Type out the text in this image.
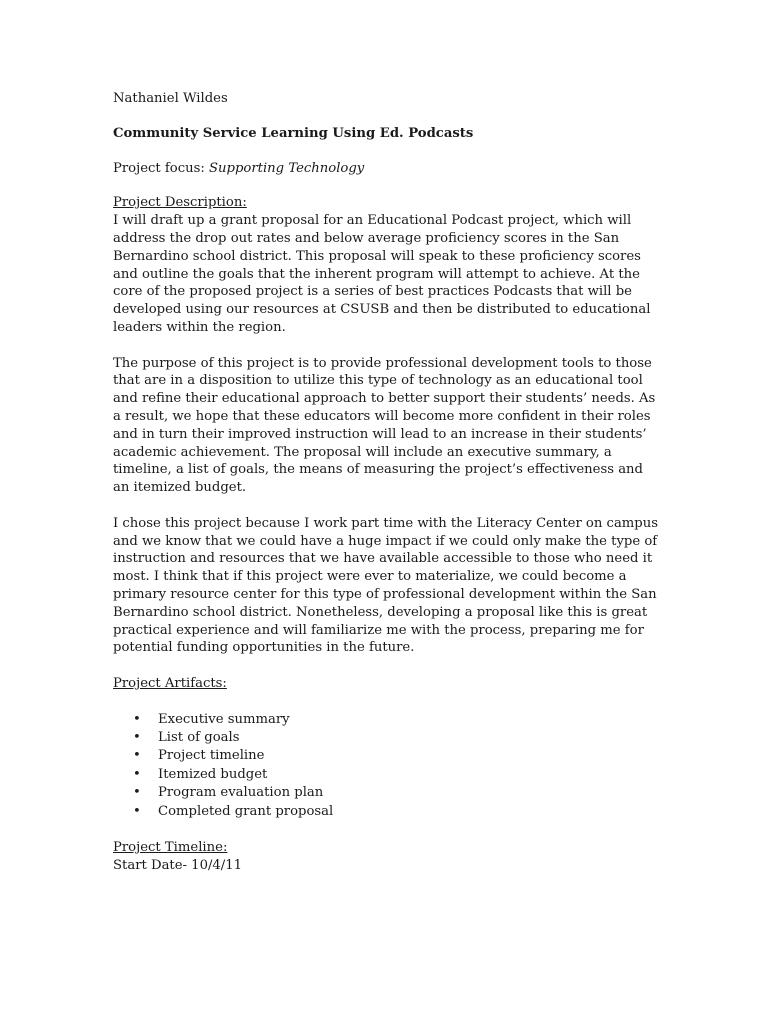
Nathaniel Wildes
Community Service Learning Using Ed. Podcasts
Project focus: Supporting Technology
Project Description:

I will draft up a grant proposal for an Educational Podcast project, which will address the drop out rates and below average proficiency scores in the San Bernardino school district. This proposal will speak to these proficiency scores and outline the goals that the inherent program will attempt to achieve. At the core of the proposed project is a series of best practices Podcasts that will be developed using our resources at CSUSB and then be distributed to educational leaders within the region.

The purpose of this project is to provide professional development tools to those that are in a disposition to utilize this type of technology as an educational tool and refine their educational approach to better support their students’ needs. As a result, we hope that these educators will become more confident in their roles and in turn their improved instruction will lead to an increase in their students’ academic achievement. The proposal will include an executive summary, a timeline, a list of goals, the means of measuring the project’s effectiveness and an itemized budget.

I chose this project because I work part time with the Literacy Center on campus and we know that we could have a huge impact if we could only make the type of instruction and resources that we have available accessible to those who need it most. I think that if this project were ever to materialize, we could become a primary resource center for this type of professional development within the San Bernardino school district. Nonetheless, developing a proposal like this is great practical experience and will familiarize me with the process, preparing me for potential funding opportunities in the future.

Project Artifacts:
• Executive summary
• List of goals
• Project timeline
• Itemized budget
• Program evaluation plan
• Completed grant proposal
Project Timeline:
Start Date- 10/4/11
